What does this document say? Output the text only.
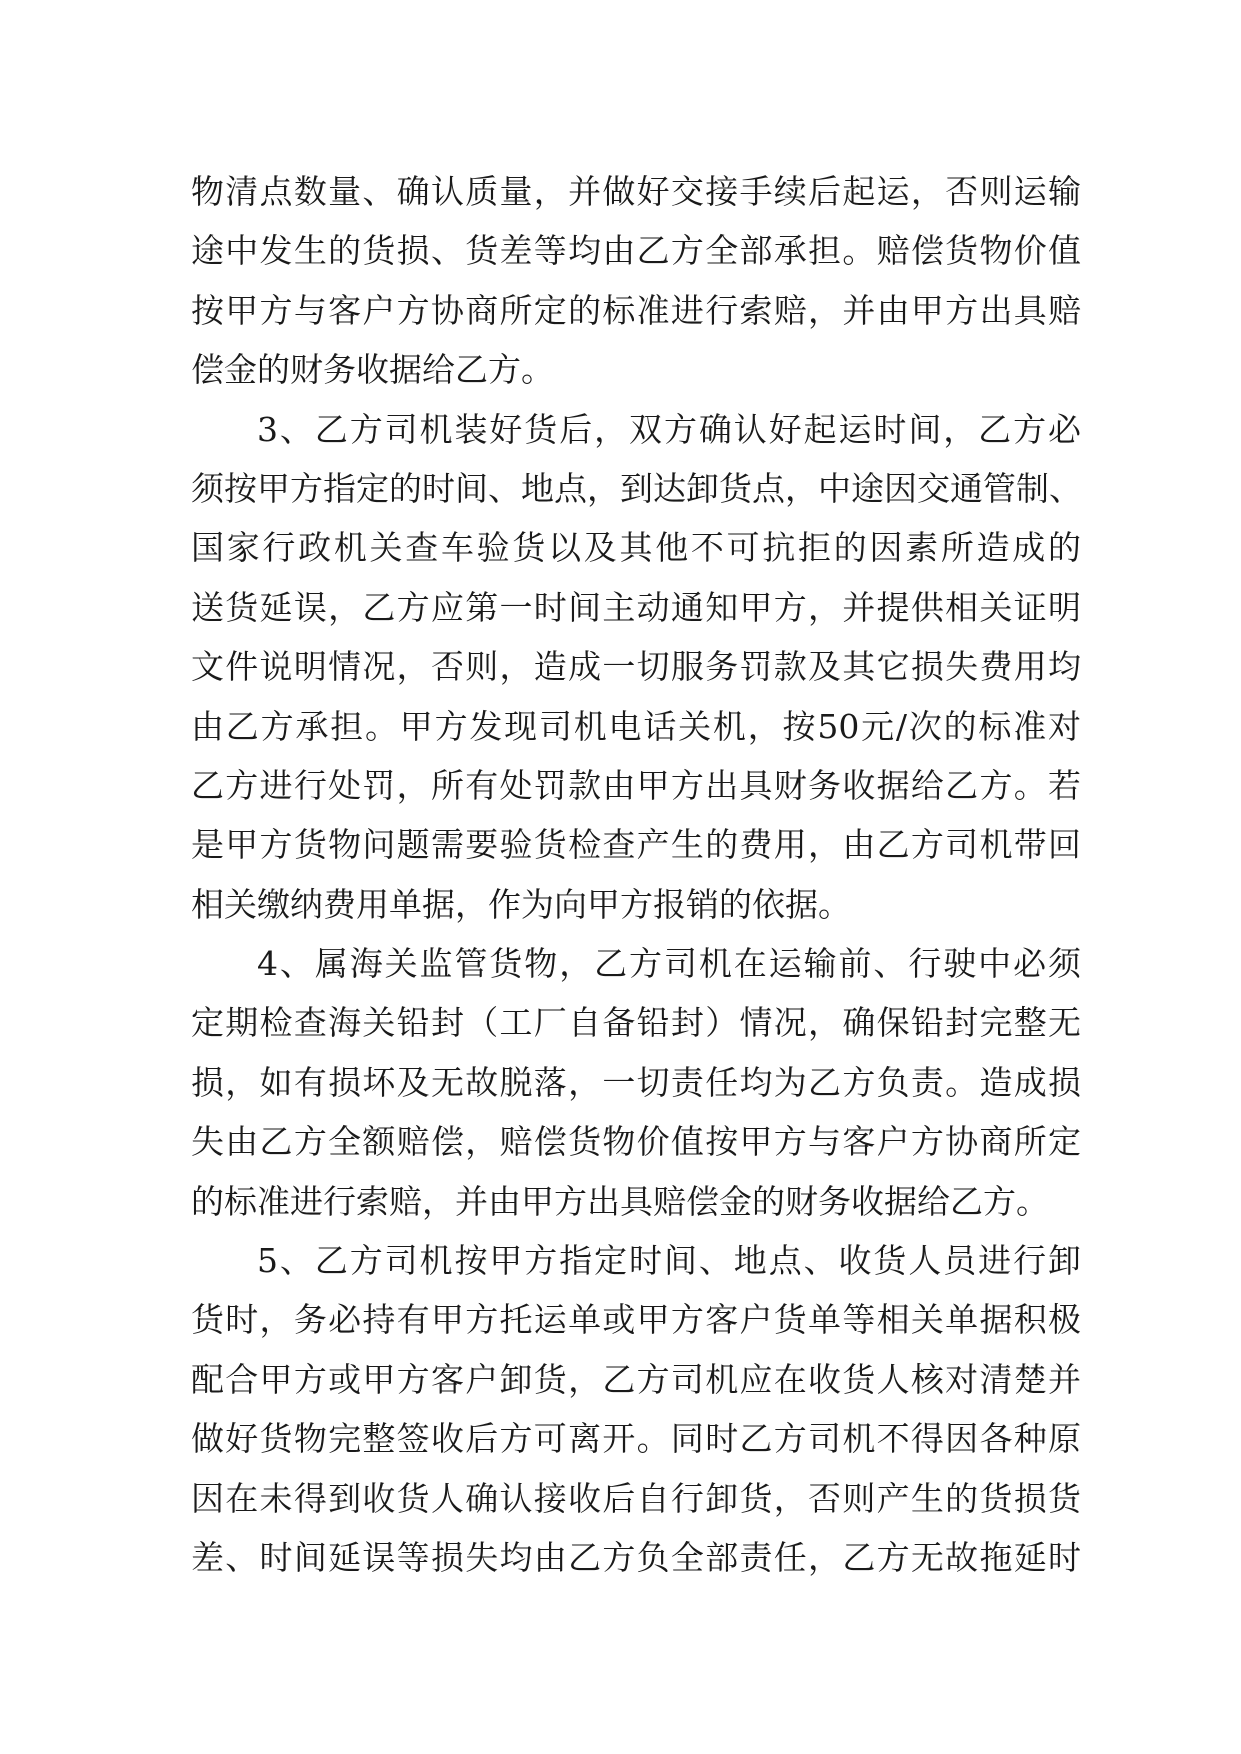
物清点数量、确认质量，并做好交接手续后起运，否则运输
途中发生的货损、货差等均由乙方全部承担。赔偿货物价值
按甲方与客户方协商所定的标准进行索赔，并由甲方出具赔
偿金的财务收据给乙方。
3、乙方司机装好货后，双方确认好起运时间，乙方必
须按甲方指定的时间、地点，到达卸货点，中途因交通管制、
国家行政机关查车验货以及其他不可抗拒的因素所造成的
送货延误，乙方应第一时间主动通知甲方，并提供相关证明
文件说明情况，否则，造成一切服务罚款及其它损失费用均
由乙方承担。甲方发现司机电话关机，按50元/次的标准对
乙方进行处罚，所有处罚款由甲方出具财务收据给乙方。若
是甲方货物问题需要验货检查产生的费用，由乙方司机带回
相关缴纳费用单据，作为向甲方报销的依据。
4、属海关监管货物，乙方司机在运输前、行驶中必须
定期检查海关铅封（工厂自备铅封）情况，确保铅封完整无
损，如有损坏及无故脱落，一切责任均为乙方负责。造成损
失由乙方全额赔偿，赔偿货物价值按甲方与客户方协商所定
的标准进行索赔，并由甲方出具赔偿金的财务收据给乙方。
5、乙方司机按甲方指定时间、地点、收货人员进行卸
货时，务必持有甲方托运单或甲方客户货单等相关单据积极
配合甲方或甲方客户卸货，乙方司机应在收货人核对清楚并
做好货物完整签收后方可离开。同时乙方司机不得因各种原
因在未得到收货人确认接收后自行卸货，否则产生的货损货
差、时间延误等损失均由乙方负全部责任，乙方无故拖延时
